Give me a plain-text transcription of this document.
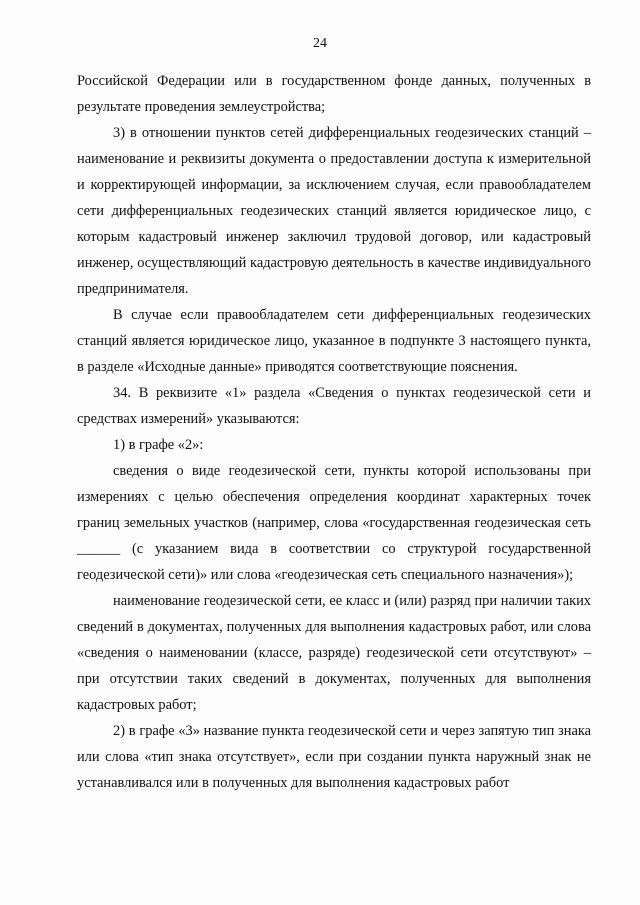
24

Российской Федерации или в государственном фонде данных, полученных в результате проведения землеустройства;

3) в отношении пунктов сетей дифференциальных геодезических станций – наименование и реквизиты документа о предоставлении доступа к измерительной и корректирующей информации, за исключением случая, если правообладателем сети дифференциальных геодезических станций является юридическое лицо, с которым кадастровый инженер заключил трудовой договор, или кадастровый инженер, осуществляющий кадастровую деятельность в качестве индивидуального предпринимателя.

В случае если правообладателем сети дифференциальных геодезических станций является юридическое лицо, указанное в подпункте 3 настоящего пункта, в разделе «Исходные данные» приводятся соответствующие пояснения.

34. В реквизите «1» раздела «Сведения о пунктах геодезической сети и средствах измерений» указываются:

1) в графе «2»:

сведения о виде геодезической сети, пункты которой использованы при измерениях с целью обеспечения определения координат характерных точек границ земельных участков (например, слова «государственная геодезическая сеть ______ (с указанием вида в соответствии со структурой государственной геодезической сети)» или слова «геодезическая сеть специального назначения»);

наименование геодезической сети, ее класс и (или) разряд при наличии таких сведений в документах, полученных для выполнения кадастровых работ, или слова «сведения о наименовании (классе, разряде) геодезической сети отсутствуют» – при отсутствии таких сведений в документах, полученных для выполнения кадастровых работ;

2) в графе «3» название пункта геодезической сети и через запятую тип знака или слова «тип знака отсутствует», если при создании пункта наружный знак не устанавливался или в полученных для выполнения кадастровых работ
